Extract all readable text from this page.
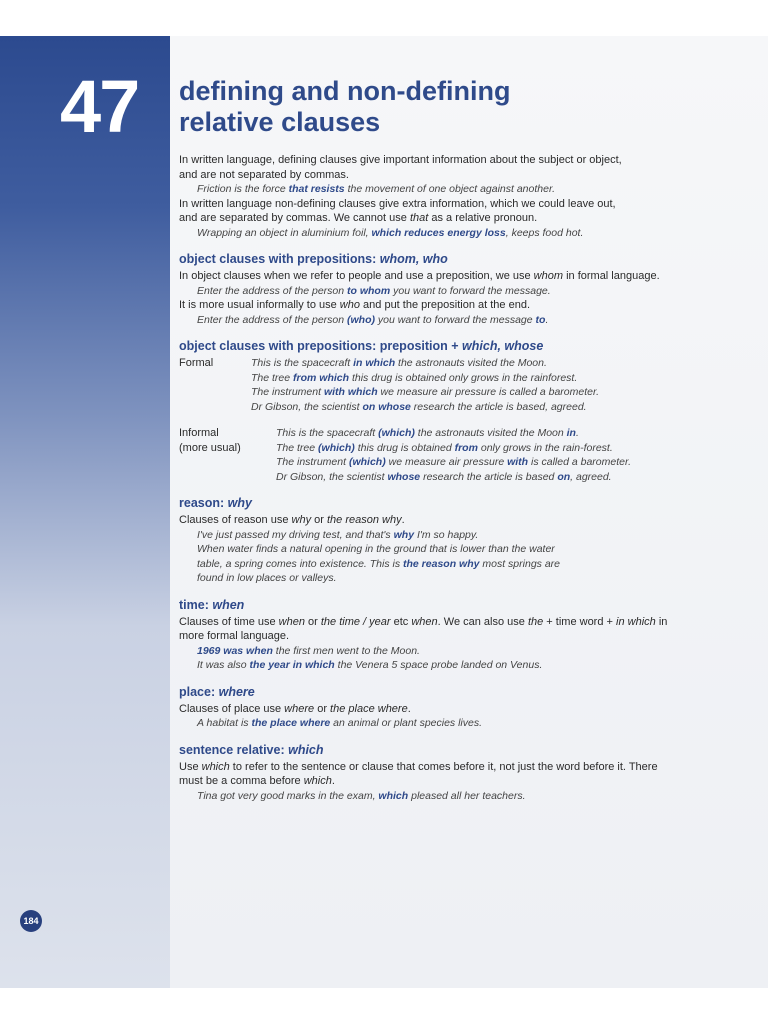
47
184
defining and non-defining
relative clauses

In written language, defining clauses give important information about the subject or object,

and are not separated by commas.

Friction is the force that resists the movement of one object against another.

In written language non-defining clauses give extra information, which we could leave out,

and are separated by commas. We cannot use that as a relative pronoun.

Wrapping an object in aluminium foil, which reduces energy loss, keeps food hot.

object clauses with prepositions: whom, who

In object clauses when we refer to people and use a preposition, we use whom in formal language.

Enter the address of the person to whom you want to forward the message.

It is more usual informally to use who and put the preposition at the end.

Enter the address of the person (who) you want to forward the message to.

object clauses with prepositions: preposition + which, whose
Formal	This is the spacecraft in which the astronauts visited the Moon.

The tree from which this drug is obtained only grows in the rainforest.

The instrument with which we measure air pressure is called a barometer.

Dr Gibson, the scientist on whose research the article is based, agreed.

Informal
(more usual)

This is the spacecraft (which) the astronauts visited the Moon in.

The tree (which) this drug is obtained from only grows in the rain-forest.

The instrument (which) we measure air pressure with is called a barometer.

Dr Gibson, the scientist whose research the article is based on, agreed.

reason: why

Clauses of reason use why or the reason why.

I've just passed my driving test, and that's why I'm so happy.

When water finds a natural opening in the ground that is lower than the water

table, a spring comes into existence. This is the reason why most springs are

found in low places or valleys.

time: when

Clauses of time use when or the time / year etc when. We can also use the + time word + in which in

more formal language.

1969 was when the first men went to the Moon.

It was also the year in which the Venera 5 space probe landed on Venus.

place: where

Clauses of place use where or the place where.

A habitat is the place where an animal or plant species lives.

sentence relative: which

Use which to refer to the sentence or clause that comes before it, not just the word before it. There

must be a comma before which.

Tina got very good marks in the exam, which pleased all her teachers.
